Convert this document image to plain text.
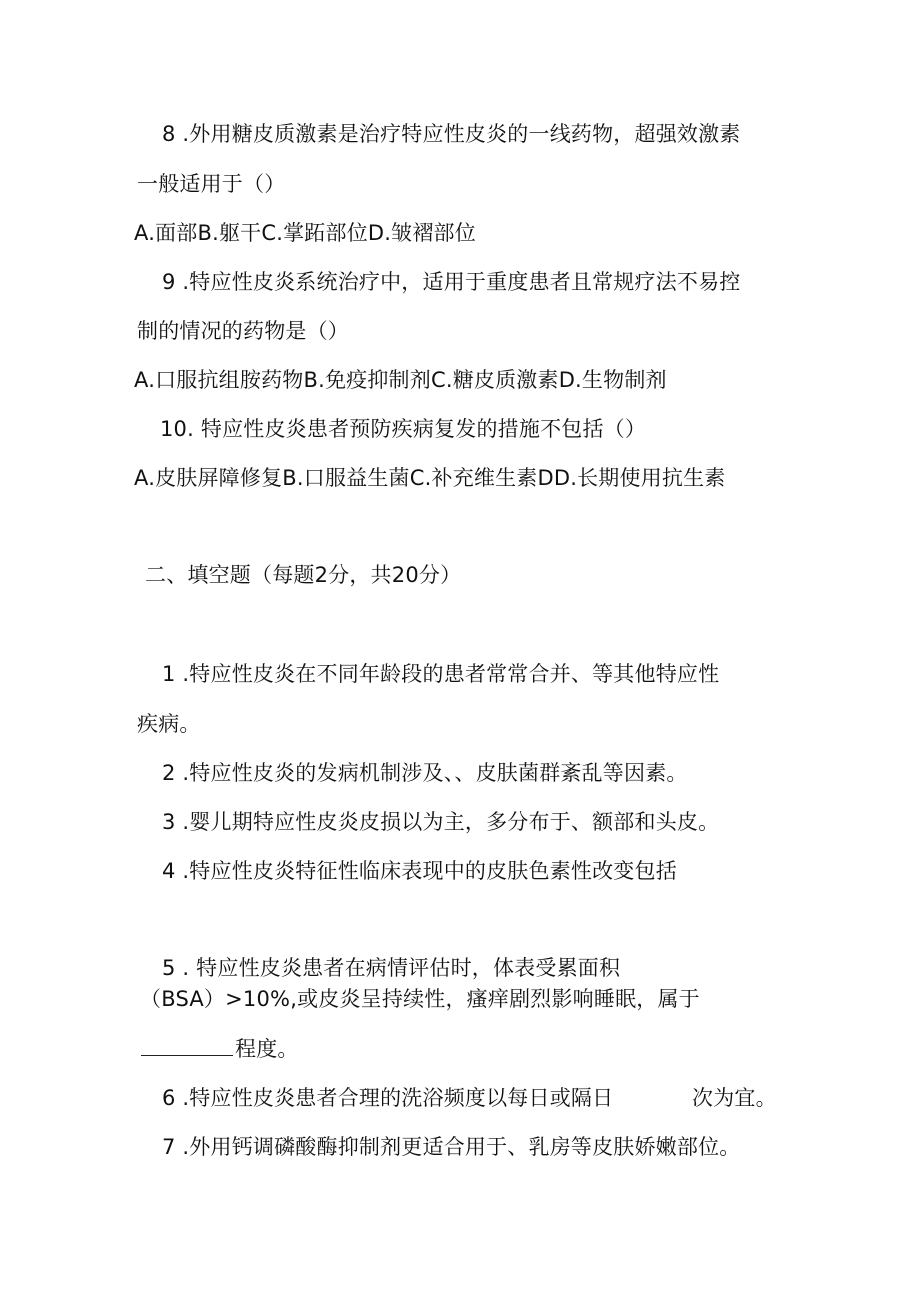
8 .外用糖皮质激素是治疗特应性皮炎的一线药物，超强效激素
一般适用于（）
A.面部B.躯干C.掌跖部位D.皱褶部位
9 .特应性皮炎系统治疗中，适用于重度患者且常规疗法不易控
制的情况的药物是（）
A.口服抗组胺药物B.免疫抑制剂C.糖皮质激素D.生物制剂
10. 特应性皮炎患者预防疾病复发的措施不包括（）
A.皮肤屏障修复B.口服益生菌C.补充维生素DD.长期使用抗生素
二、填空题（每题2分，共20分）
1 .特应性皮炎在不同年龄段的患者常常合并、等其他特应性
疾病。
2 .特应性皮炎的发病机制涉及、、皮肤菌群紊乱等因素。
3 .婴儿期特应性皮炎皮损以为主，多分布于、额部和头皮。
4 .特应性皮炎特征性临床表现中的皮肤色素性改变包括
5 . 特应性皮炎患者在病情评估时，体表受累面积
（BSA）>10%,或皮炎呈持续性，瘙痒剧烈影响睡眠，属于
程度。
6 .特应性皮炎患者合理的洗浴频度以每日或隔日	次为宜。
7 .外用钙调磷酸酶抑制剂更适合用于、乳房等皮肤娇嫩部位。
